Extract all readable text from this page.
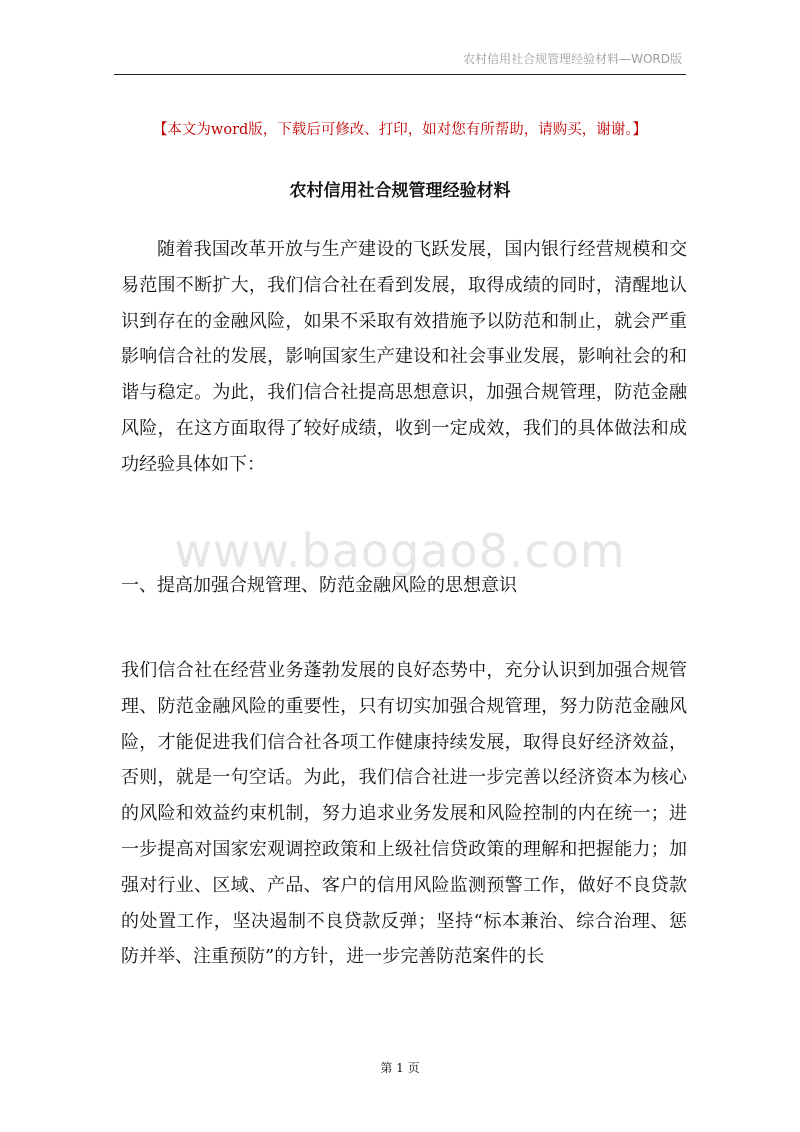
农村信用社合规管理经验材料—WORD版
【本文为word版，下载后可修改、打印，如对您有所帮助，请购买，谢谢。】
农村信用社合规管理经验材料

随着我国改革开放与生产建设的飞跃发展，国内银行经营规模和交易范围不断扩大，我们信合社在看到发展，取得成绩的同时，清醒地认识到存在的金融风险，如果不采取有效措施予以防范和制止，就会严重影响信合社的发展，影响国家生产建设和社会事业发展，影响社会的和谐与稳定。为此，我们信合社提高思想意识，加强合规管理，防范金融风险，在这方面取得了较好成绩，收到一定成效，我们的具体做法和成功经验具体如下：

www.baogao8.com
一、提高加强合规管理、防范金融风险的思想意识

我们信合社在经营业务蓬勃发展的良好态势中，充分认识到加强合规管理、防范金融风险的重要性，只有切实加强合规管理，努力防范金融风险，才能促进我们信合社各项工作健康持续发展，取得良好经济效益，否则，就是一句空话。为此，我们信合社进一步完善以经济资本为核心的风险和效益约束机制，努力追求业务发展和风险控制的内在统一；进一步提高对国家宏观调控政策和上级社信贷政策的理解和把握能力；加强对行业、区域、产品、客户的信用风险监测预警工作，做好不良贷款的处置工作，坚决遏制不良贷款反弹；坚持“标本兼治、综合治理、惩防并举、注重预防”的方针，进一步完善防范案件的长

第 1 页
